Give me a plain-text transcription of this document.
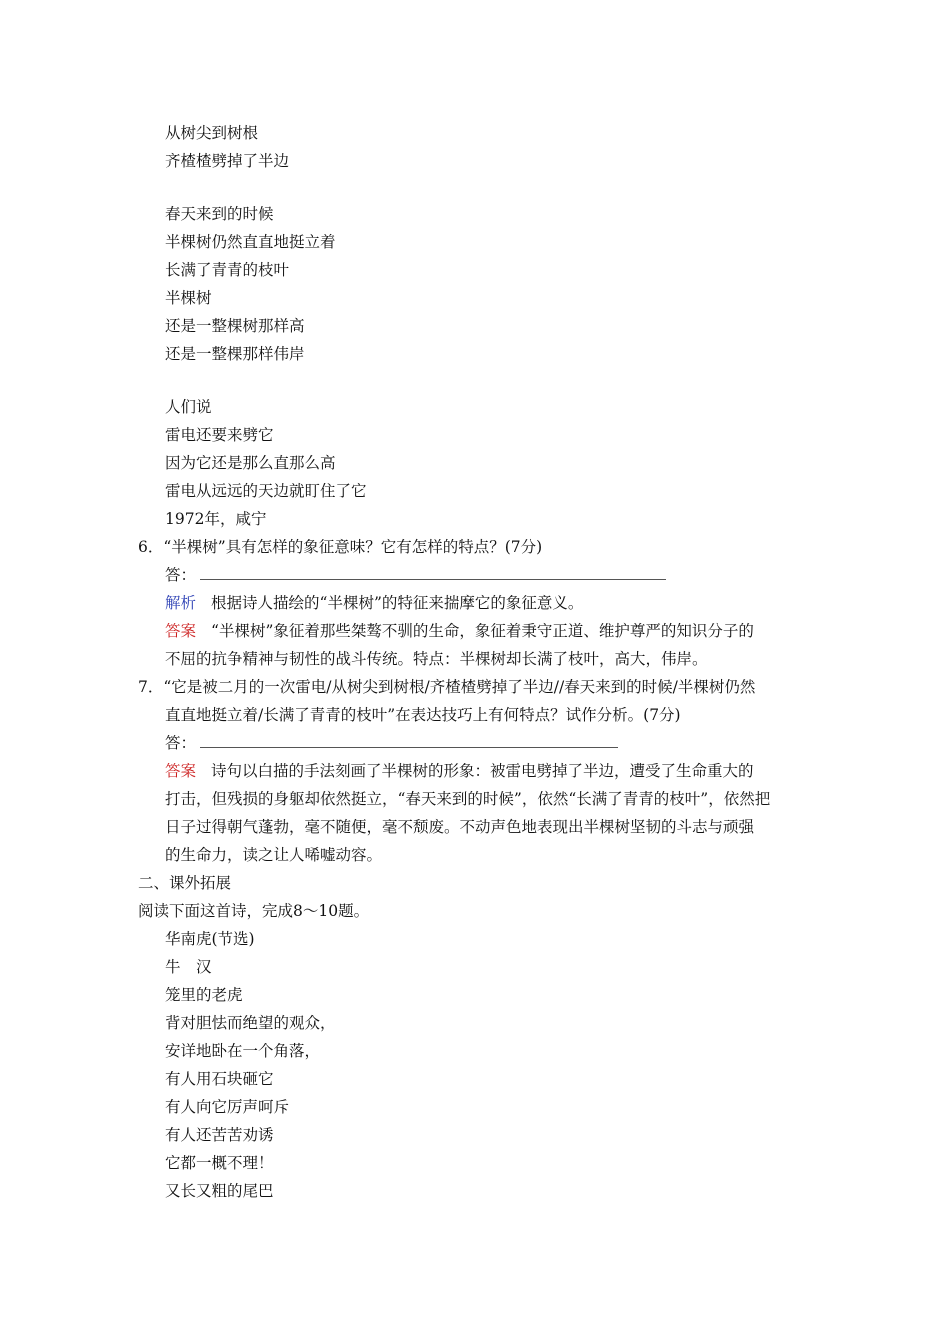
从树尖到树根
齐楂楂劈掉了半边
春天来到的时候
半棵树仍然直直地挺立着
长满了青青的枝叶
半棵树
还是一整棵树那样高
还是一整棵那样伟岸
人们说
雷电还要来劈它
因为它还是那么直那么高
雷电从远远的天边就盯住了它
1972年，咸宁
6．“半棵树”具有怎样的象征意味？它有怎样的特点？(7分)
答：
解析 根据诗人描绘的“半棵树”的特征来揣摩它的象征意义。
答案 “半棵树”象征着那些桀骜不驯的生命，象征着秉守正道、维护尊严的知识分子的
不屈的抗争精神与韧性的战斗传统。特点：半棵树却长满了枝叶，高大，伟岸。
7．“它是被二月的一次雷电/从树尖到树根/齐楂楂劈掉了半边//春天来到的时候/半棵树仍然
直直地挺立着/长满了青青的枝叶”在表达技巧上有何特点？试作分析。(7分)
答：
答案 诗句以白描的手法刻画了半棵树的形象：被雷电劈掉了半边，遭受了生命重大的
打击，但残损的身躯却依然挺立，“春天来到的时候”，依然“长满了青青的枝叶”，依然把
日子过得朝气蓬勃，毫不随便，毫不颓废。不动声色地表现出半棵树坚韧的斗志与顽强
的生命力，读之让人唏嘘动容。
二、课外拓展
阅读下面这首诗，完成8～10题。
华南虎(节选)
牛　汉
笼里的老虎
背对胆怯而绝望的观众，
安详地卧在一个角落，
有人用石块砸它
有人向它厉声呵斥
有人还苦苦劝诱
它都一概不理！
又长又粗的尾巴
